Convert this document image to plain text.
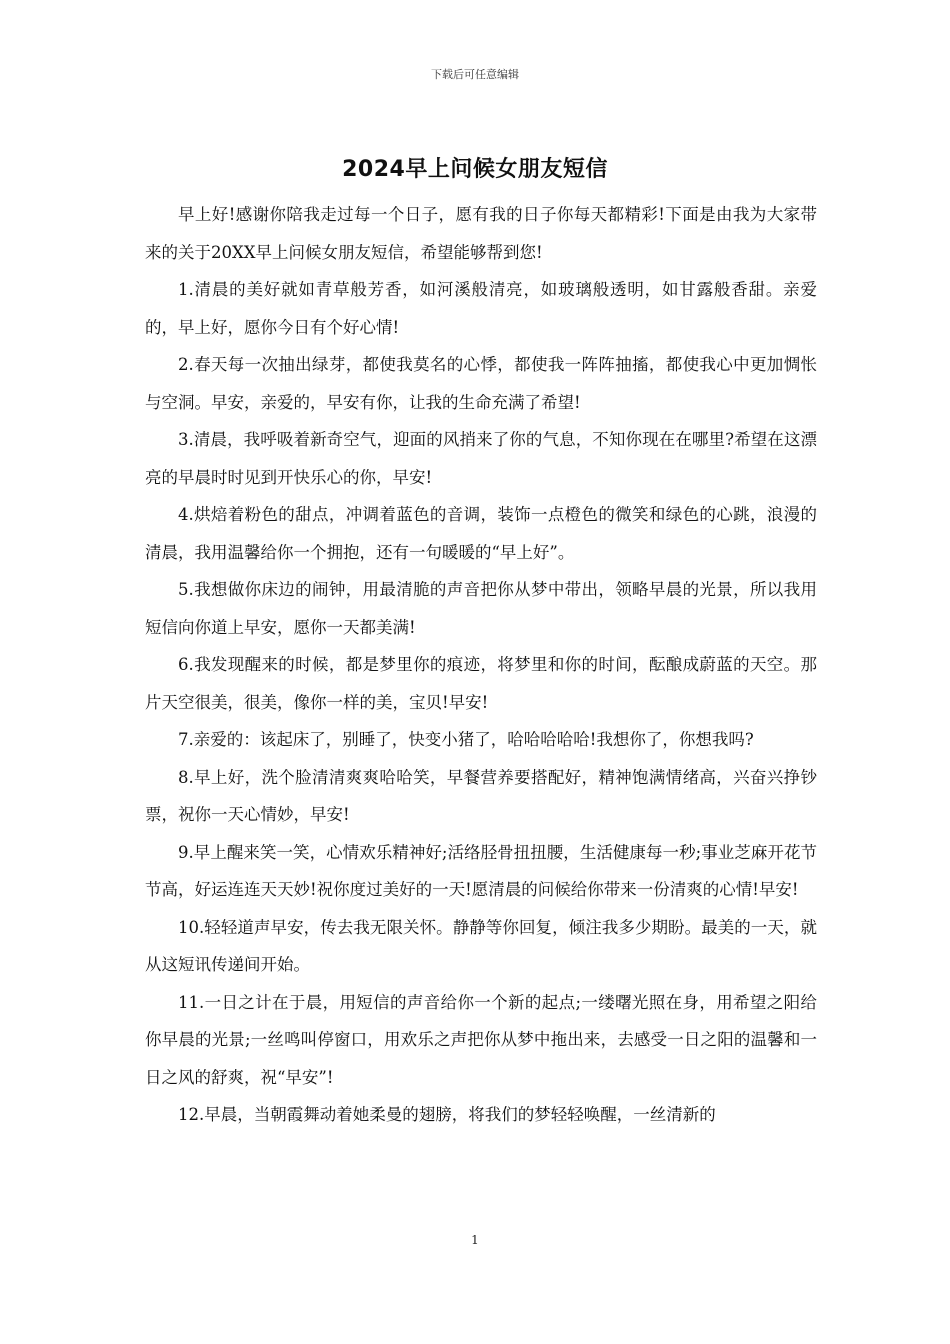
下载后可任意编辑
2024早上问候女朋友短信

早上好!感谢你陪我走过每一个日子，愿有我的日子你每天都精彩!下面是由我为大家带来的关于20XX早上问候女朋友短信，希望能够帮到您!

1.清晨的美好就如青草般芳香，如河溪般清亮，如玻璃般透明，如甘露般香甜。亲爱的，早上好，愿你今日有个好心情!

2.春天每一次抽出绿芽，都使我莫名的心悸，都使我一阵阵抽搐，都使我心中更加惆怅与空洞。早安，亲爱的，早安有你，让我的生命充满了希望!

3.清晨，我呼吸着新奇空气，迎面的风捎来了你的气息，不知你现在在哪里?希望在这漂亮的早晨时时见到开快乐心的你，早安!

4.烘焙着粉色的甜点，冲调着蓝色的音调，装饰一点橙色的微笑和绿色的心跳，浪漫的清晨，我用温馨给你一个拥抱，还有一句暖暖的“早上好”。

5.我想做你床边的闹钟，用最清脆的声音把你从梦中带出，领略早晨的光景，所以我用短信向你道上早安，愿你一天都美满!

6.我发现醒来的时候，都是梦里你的痕迹，将梦里和你的时间，酝酿成蔚蓝的天空。那片天空很美，很美，像你一样的美，宝贝!早安!

7.亲爱的：该起床了，别睡了，快变小猪了，哈哈哈哈哈!我想你了，你想我吗?

8.早上好，洗个脸清清爽爽哈哈笑，早餐营养要搭配好，精神饱满情绪高，兴奋兴挣钞票，祝你一天心情妙，早安!

9.早上醒来笑一笑，心情欢乐精神好;活络胫骨扭扭腰，生活健康每一秒;事业芝麻开花节节高，好运连连天天妙!祝你度过美好的一天!愿清晨的问候给你带来一份清爽的心情!早安!

10.轻轻道声早安，传去我无限关怀。静静等你回复，倾注我多少期盼。最美的一天，就从这短讯传递间开始。

11.一日之计在于晨，用短信的声音给你一个新的起点;一缕曙光照在身，用希望之阳给你早晨的光景;一丝鸣叫停窗口，用欢乐之声把你从梦中拖出来，去感受一日之阳的温馨和一日之风的舒爽，祝“早安”!

12.早晨，当朝霞舞动着她柔曼的翅膀，将我们的梦轻轻唤醒，一丝清新的

1
